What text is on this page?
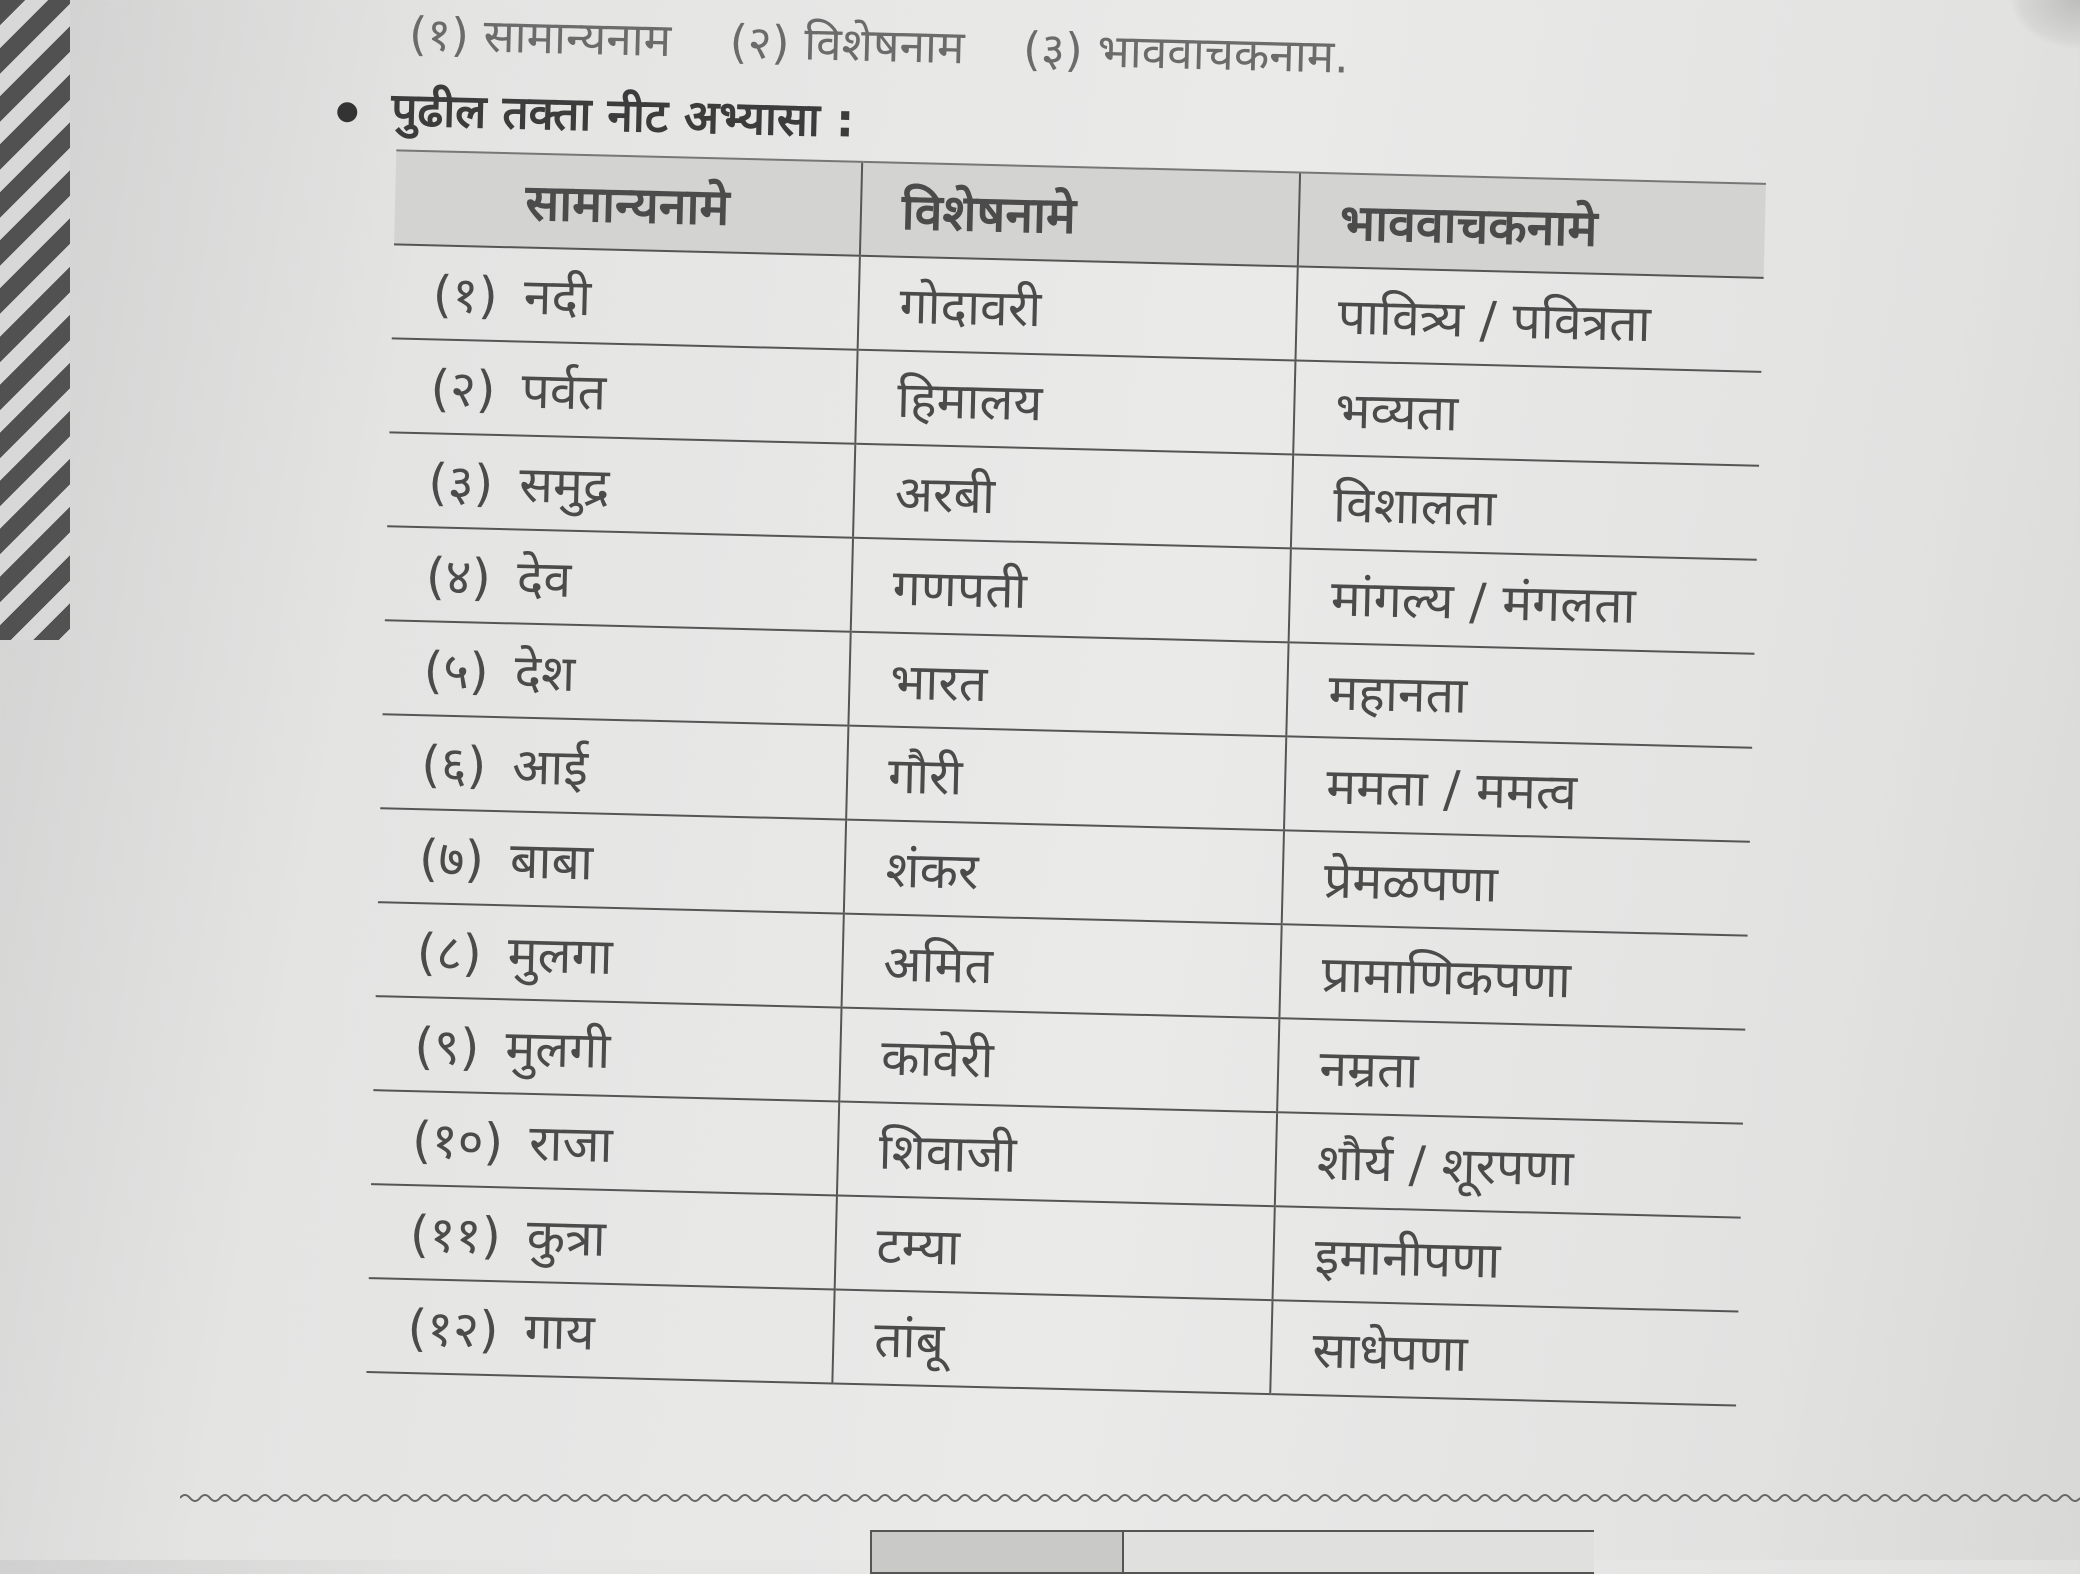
(१) सामान्यनाम (२) विशेषनाम (३) भाववाचकनाम.
पुढील तक्ता नीट अभ्यासा :
सामान्यनामे	विशेषनामे	भाववाचकनामे
(१) नदी	गोदावरी	पावित्र्य / पवित्रता
(२) पर्वत	हिमालय	भव्यता
(३) समुद्र	अरबी	विशालता
(४) देव	गणपती	मांगल्य / मंगलता
(५) देश	भारत	महानता
(६) आई	गौरी	ममता / ममत्व
(७) बाबा	शंकर	प्रेमळपणा
(८) मुलगा	अमित	प्रामाणिकपणा
(९) मुलगी	कावेरी	नम्रता
(१०) राजा	शिवाजी	शौर्य / शूरपणा
(११) कुत्रा	टम्या	इमानीपणा
(१२) गाय	तांबू	साधेपणा
